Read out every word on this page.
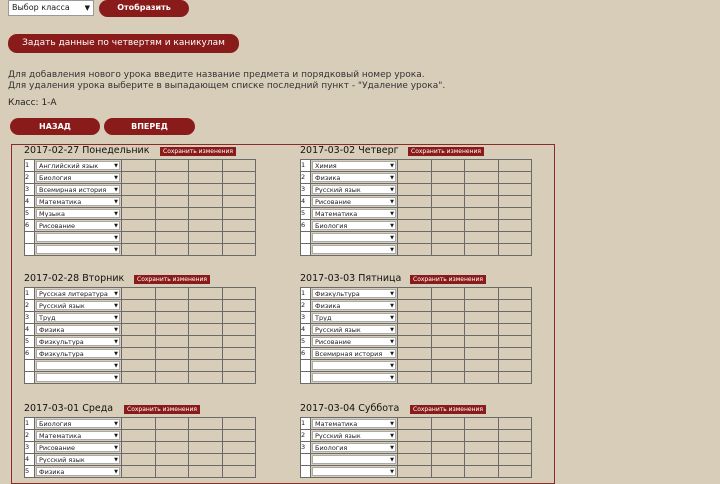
Выбор класса ▼	Отобразить
Задать данные по четвертям и каникулам
Для добавления нового урока введите название предмета и порядковый номер урока.
Для удаления урока выберите в выпадающем списке последний пункт - "Удаление урока".
Класс: 1-А
НАЗАД	ВПЕРЕД
2017-02-27 Понедельник	Сохранить изменения
1	Английский язык ▼				

2	Биология ▼				

3	Всемирная история ▼				

4	Математика ▼				

5	Музыка ▼				

6	Рисование ▼				

	▼				

	▼				

2017-03-02 Четверг	Сохранить изменения
1	Химия ▼				

2	Физика ▼				

3	Русский язык ▼				

4	Рисование ▼				

5	Математика ▼				

6	Биология ▼				

	▼				

	▼				

2017-02-28 Вторник	Сохранить изменения
1	Русская литература ▼				

2	Русский язык ▼				

3	Труд ▼				

4	Физика ▼				

5	Физкультура ▼				

6	Физкультура ▼				

	▼				

	▼				

2017-03-03 Пятница	Сохранить изменения
1	Физкультура ▼				

2	Физика ▼				

3	Труд ▼				

4	Русский язык ▼				

5	Рисование ▼				

6	Всемирная история ▼				

	▼				

	▼				

2017-03-01 Среда	Сохранить изменения
1	Биология ▼				

2	Математика ▼				

3	Рисование ▼				

4	Русский язык ▼				

5	Физика ▼				

2017-03-04 Суббота	Сохранить изменения
1	Математика ▼				

2	Русский язык ▼				

3	Биология ▼				

	▼				

	▼				
